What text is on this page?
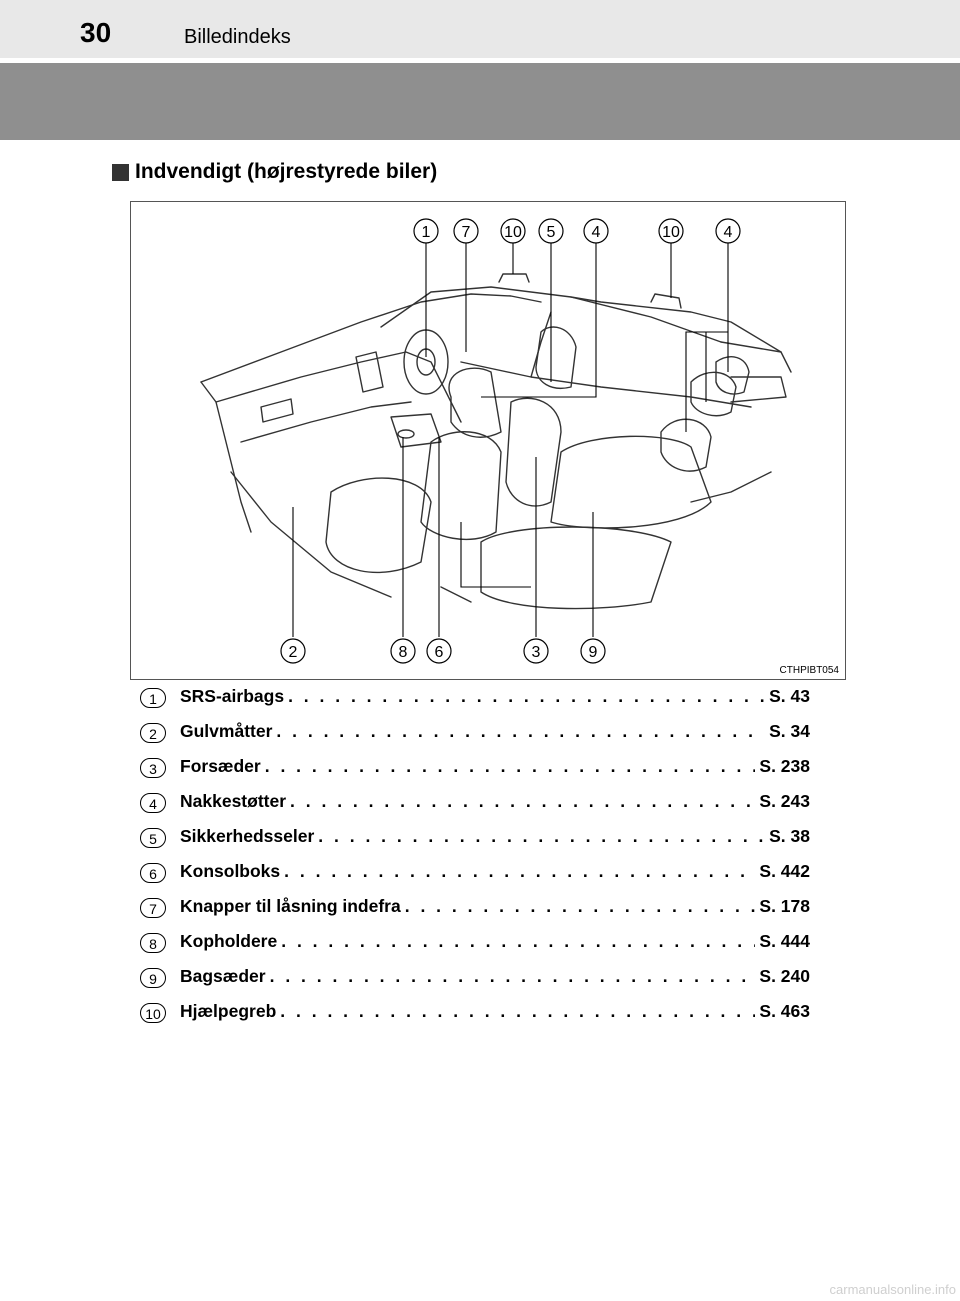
30	Billedindeks
Indvendigt (højrestyrede biler)
1 7 10 5 4	10	4
2	8 6	3	9
CTHPIBT054
1	SRS-airbags . . .	S. 43
2	Gulvmåtter . . .	S. 34
3	Forsæder . . .	S. 238
4	Nakkestøtter . . .	S. 243
5	Sikkerhedsseler . . .	S. 38
6	Konsolboks . . .	S. 442
7	Knapper til låsning indefra . . .	S. 178
8	Kopholdere . . .	S. 444
9	Bagsæder . . .	S. 240
10 Hjælpegreb . . .	S. 463
carmanualsonline.info
